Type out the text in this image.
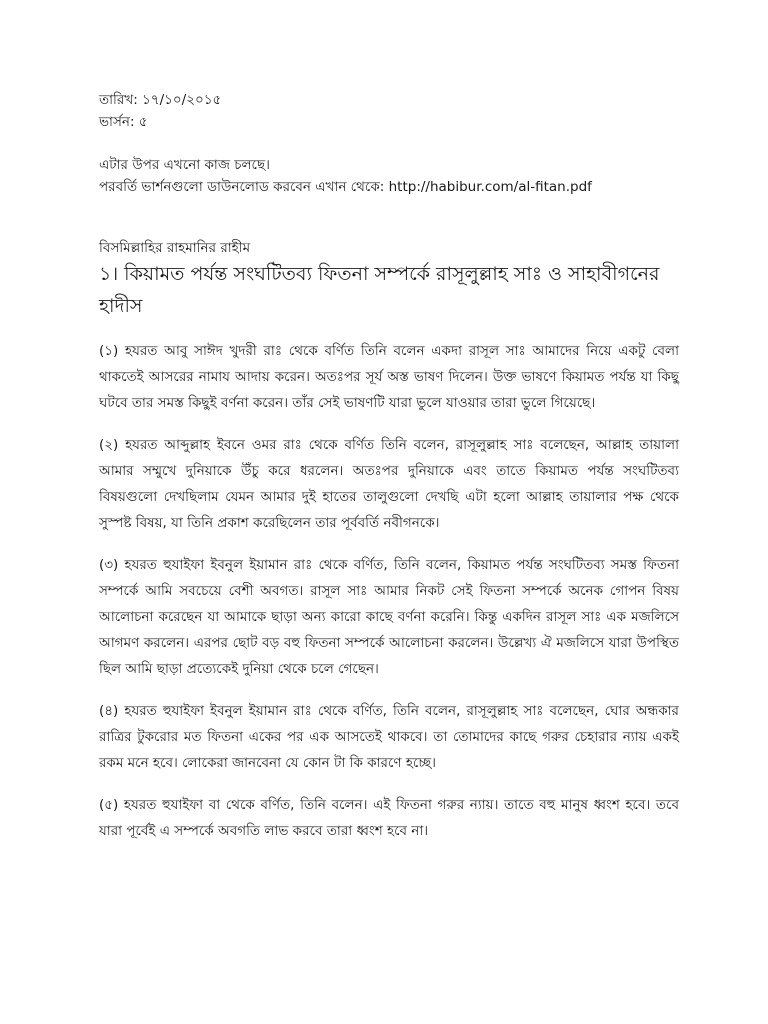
তারিখ: ১৭/১০/২০১৫

ভার্সন: ৫

এটার উপর এখনো কাজ চলছে।

পরবর্তি ভার্শনগুলো ডাউনলোড করবেন এখান থেকে: http://habibur.com/al-fitan.pdf

বিসমিল্লাহির রাহমানির রাহীম

১। কিয়ামত পর্যন্ত সংঘটিতব্য ফিতনা সম্পর্কে রাসূলুল্লাহ সাঃ ও সাহাবীগনের হাদীস

(১) হযরত আবু সাঈদ খুদরী রাঃ থেকে বর্ণিত তিনি বলেন একদা রাসূল সাঃ আমাদের নিয়ে একটু বেলা থাকতেই আসরের নামায আদায় করেন। অতঃপর সূর্য অস্ত ভাষণ দিলেন। উক্ত ভাষণে কিয়ামত পর্যন্ত যা কিছু ঘটবে তার সমস্ত কিছুই বর্ণনা করেন। তাঁর সেই ভাষণটি যারা ভুলে যাওয়ার তারা ভুলে গিয়েছে।

(২) হযরত আব্দুল্লাহ ইবনে ওমর রাঃ থেকে বর্ণিত তিনি বলেন, রাসূলুল্লাহ সাঃ বলেছেন, আল্লাহ তায়ালা আমার সম্মুখে দুনিয়াকে উঁচু করে ধরলেন। অতঃপর দুনিয়াকে এবং তাতে কিয়ামত পর্যন্ত সংঘটিতব্য বিষয়গুলো দেখছিলাম যেমন আমার দুই হাতের তালুগুলো দেখছি এটা হলো আল্লাহ তায়ালার পক্ষ থেকে সুস্পষ্ট বিষয়, যা তিনি প্রকাশ করেছিলেন তার পূর্ববর্তি নবীগনকে।

(৩) হযরত হুযাইফা ইবনুল ইয়ামান রাঃ থেকে বর্ণিত, তিনি বলেন, কিয়ামত পর্যন্ত সংঘটিতব্য সমস্ত ফিতনা সম্পর্কে আমি সবচেয়ে বেশী অবগত। রাসূল সাঃ আমার নিকট সেই ফিতনা সম্পর্কে অনেক গোপন বিষয় আলোচনা করেছেন যা আমাকে ছাড়া অন্য কারো কাছে বর্ণনা করেনি। কিন্তু একদিন রাসূল সাঃ এক মজলিসে আগমণ করলেন। এরপর ছোট বড় বহু ফিতনা সম্পর্কে আলোচনা করলেন। উল্লেখ্য ঐ মজলিসে যারা উপস্থিত ছিল আমি ছাড়া প্রত্যেকেই দুনিয়া থেকে চলে গেছেন।

(৪) হযরত হুযাইফা ইবনুল ইয়ামান রাঃ থেকে বর্ণিত, তিনি বলেন, রাসূলুল্লাহ সাঃ বলেছেন, ঘোর অন্ধকার রাত্রির টুকরোর মত ফিতনা একের পর এক আসতেই থাকবে। তা তোমাদের কাছে গরুর চেহারার ন্যায় একই রকম মনে হবে। লোকেরা জানবেনা যে কোন টা কি কারণে হচ্ছে।

(৫) হযরত হুযাইফা বা থেকে বর্ণিত, তিনি বলেন। এই ফিতনা গরুর ন্যায়। তাতে বহু মানুষ ধ্বংশ হবে। তবে যারা পূর্বেই এ সম্পর্কে অবগতি লাভ করবে তারা ধ্বংশ হবে না।
